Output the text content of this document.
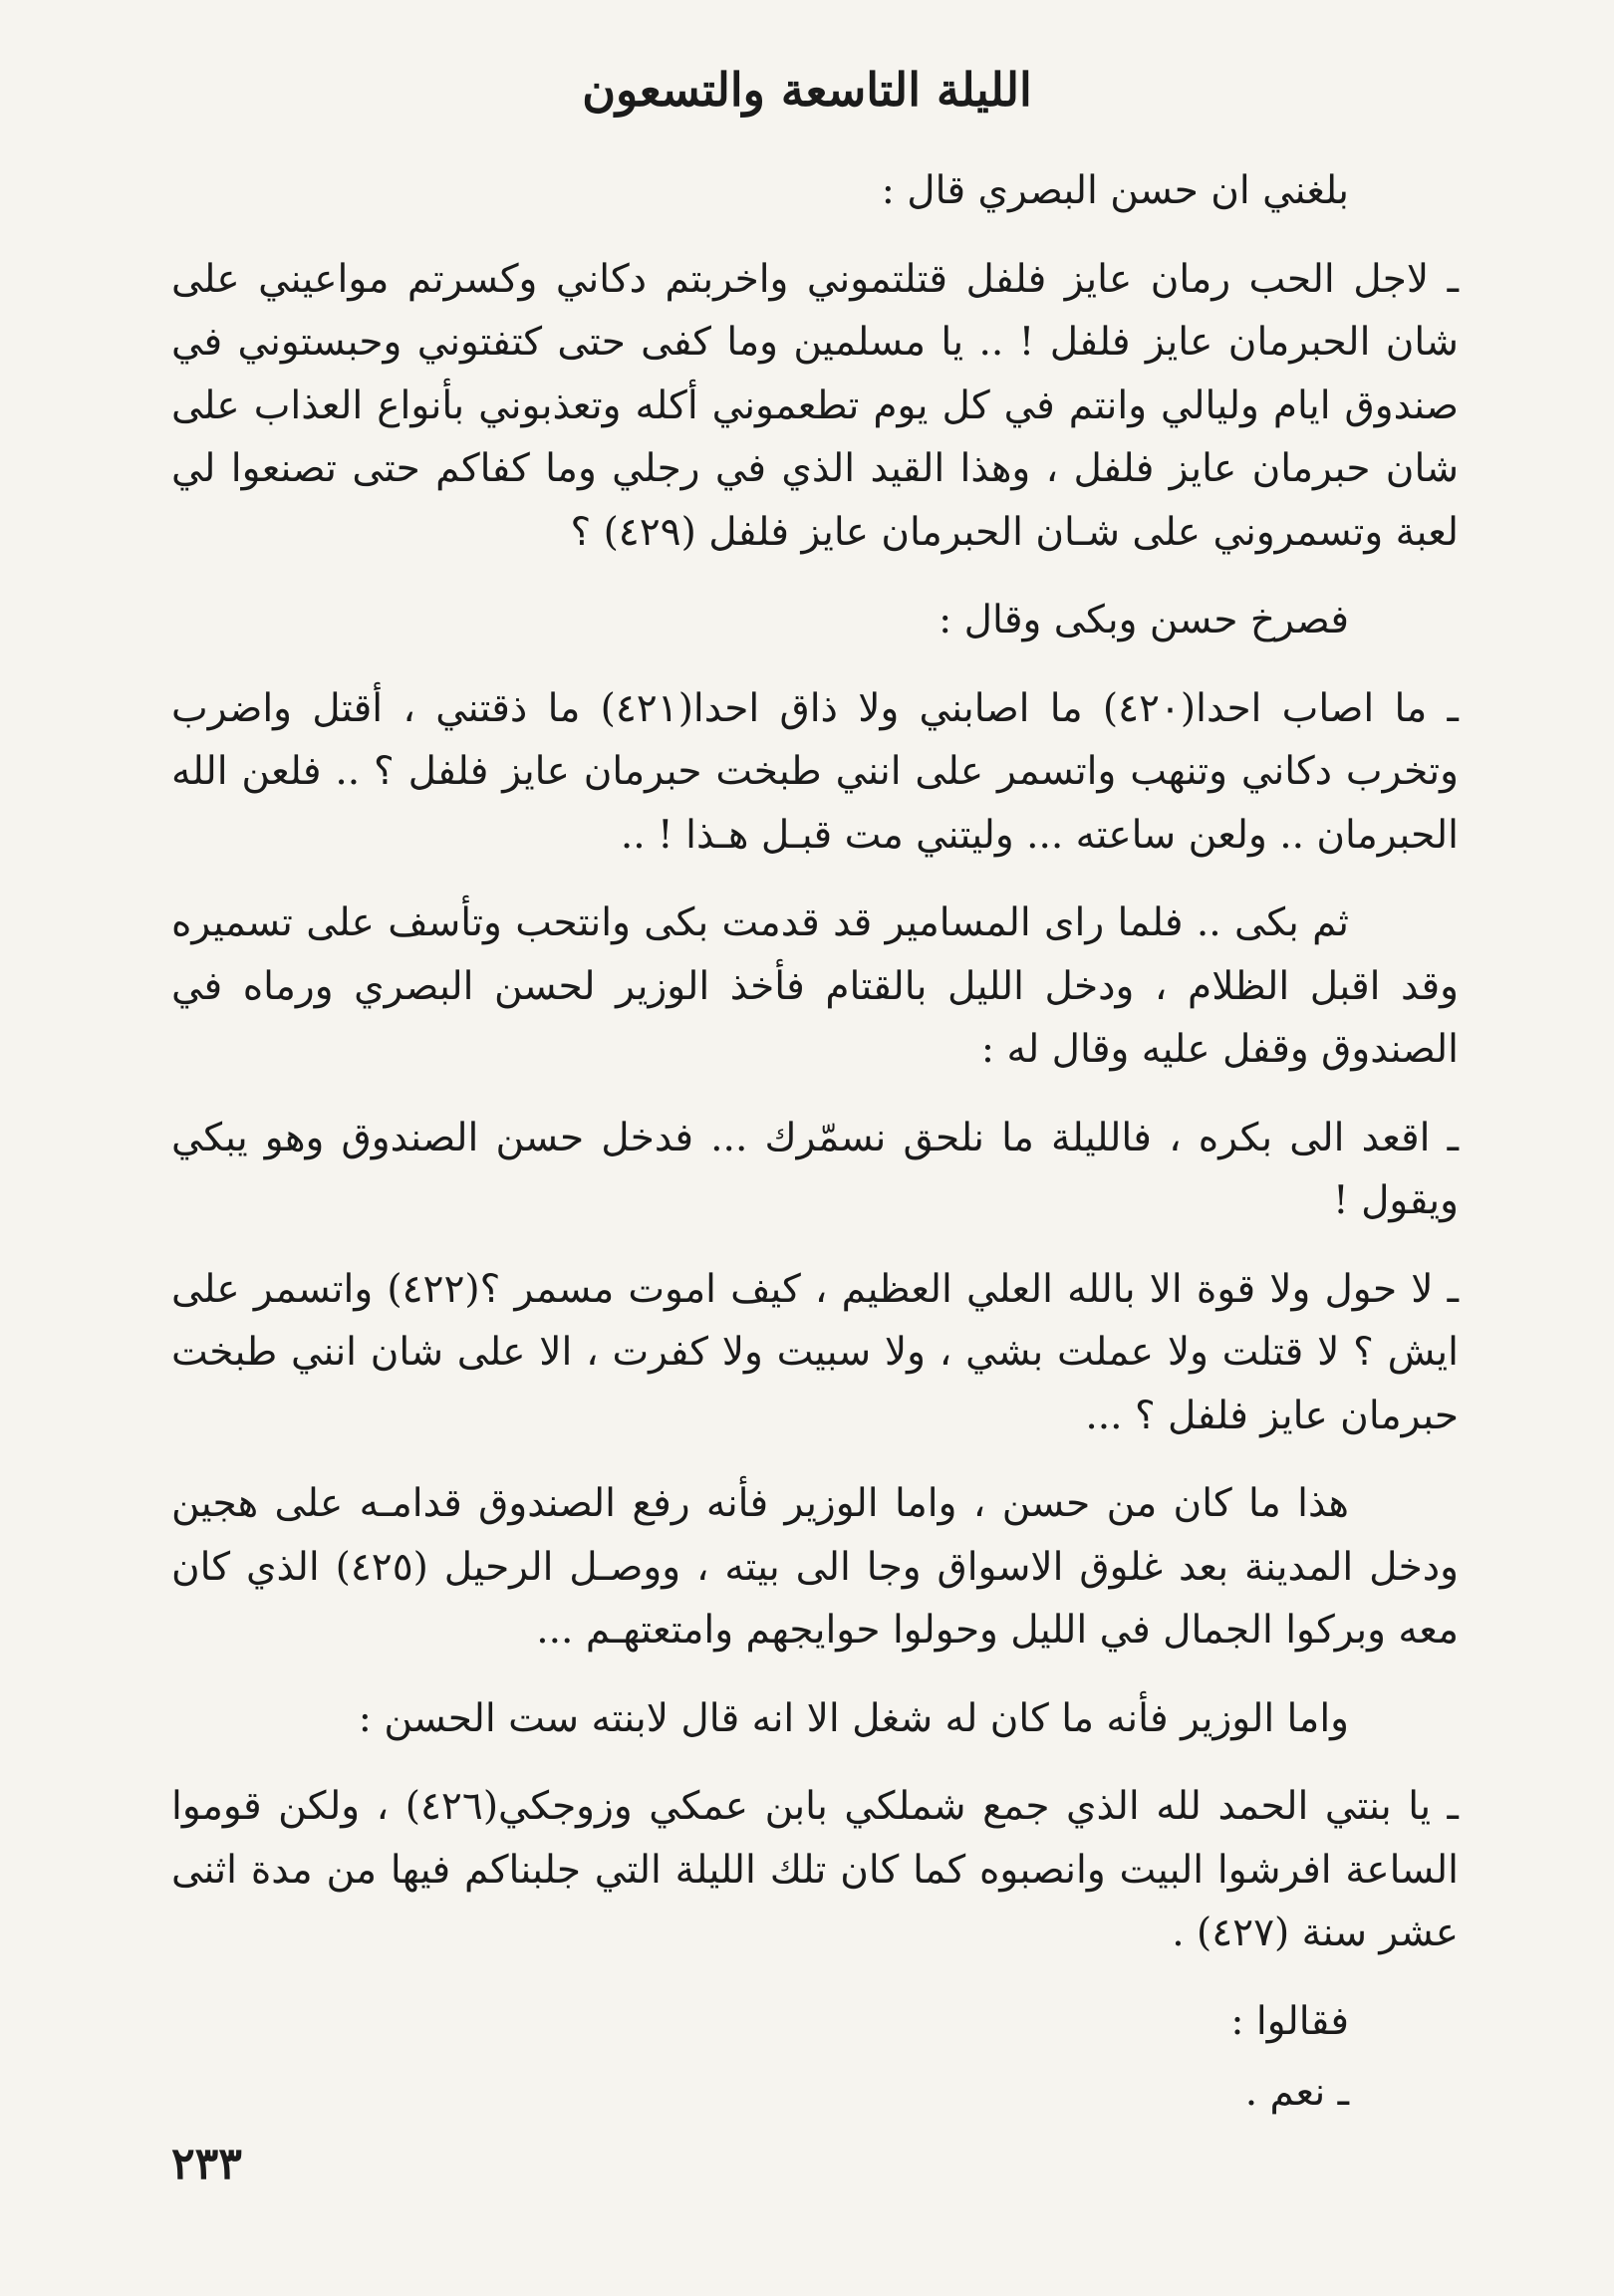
الليلة التاسعة والتسعون

بلغني ان حسن البصري قال :

ـ لاجل الحب رمان عايز فلفل قتلتموني واخربتم دكاني وكسرتم مواعيني على شان الحبرمان عايز فلفل ! .. يا مسلمين وما كفى حتى كتفتوني وحبستوني في صندوق ايام وليالي وانتم في كل يوم تطعموني أكله وتعذبوني بأنواع العذاب على شان حبرمان عايز فلفل ، وهذا القيد الذي في رجلي وما كفاكم حتى تصنعوا لي لعبة وتسمروني على شـان الحبرمان عايز فلفل (٤٢٩) ؟

فصرخ حسن وبكى وقال :

ـ ما اصاب احدا(٤٢٠) ما اصابني ولا ذاق احدا(٤٢١) ما ذقتني ، أقتل واضرب وتخرب دكاني وتنهب واتسمر على انني طبخت حبرمان عايز فلفل ؟ .. فلعن الله الحبرمان .. ولعن ساعته ... وليتني مت قبـل هـذا ! ..

ثم بكى .. فلما راى المسامير قد قدمت بكى وانتحب وتأسف على تسميره وقد اقبل الظلام ، ودخل الليل بالقتام فأخذ الوزير لحسن البصري ورماه في الصندوق وقفل عليه وقال له :

ـ اقعد الى بكره ، فالليلة ما نلحق نسمّرك ... فدخل حسن الصندوق وهو يبكي ويقول !

ـ لا حول ولا قوة الا بالله العلي العظيم ، كيف اموت مسمر ؟(٤٢٢) واتسمر على ايش ؟ لا قتلت ولا عملت بشي ، ولا سبيت ولا كفرت ، الا على شان انني طبخت حبرمان عايز فلفل ؟ ...

هذا ما كان من حسن ، واما الوزير فأنه رفع الصندوق قدامـه على هجين ودخل المدينة بعد غلوق الاسواق وجا الى بيته ، ووصـل الرحيل (٤٢٥) الذي كان معه وبركوا الجمال في الليل وحولوا حوايجهم وامتعتهـم ...

واما الوزير فأنه ما كان له شغل الا انه قال لابنته ست الحسن :

ـ يا بنتي الحمد لله الذي جمع شملكي بابن عمكي وزوجكي(٤٢٦) ، ولكن قوموا الساعة افرشوا البيت وانصبوه كما كان تلك الليلة التي جلبناكم فيها من مدة اثنى عشر سنة (٤٢٧) .

فقالوا :

ـ نعم .

٢٣٣
